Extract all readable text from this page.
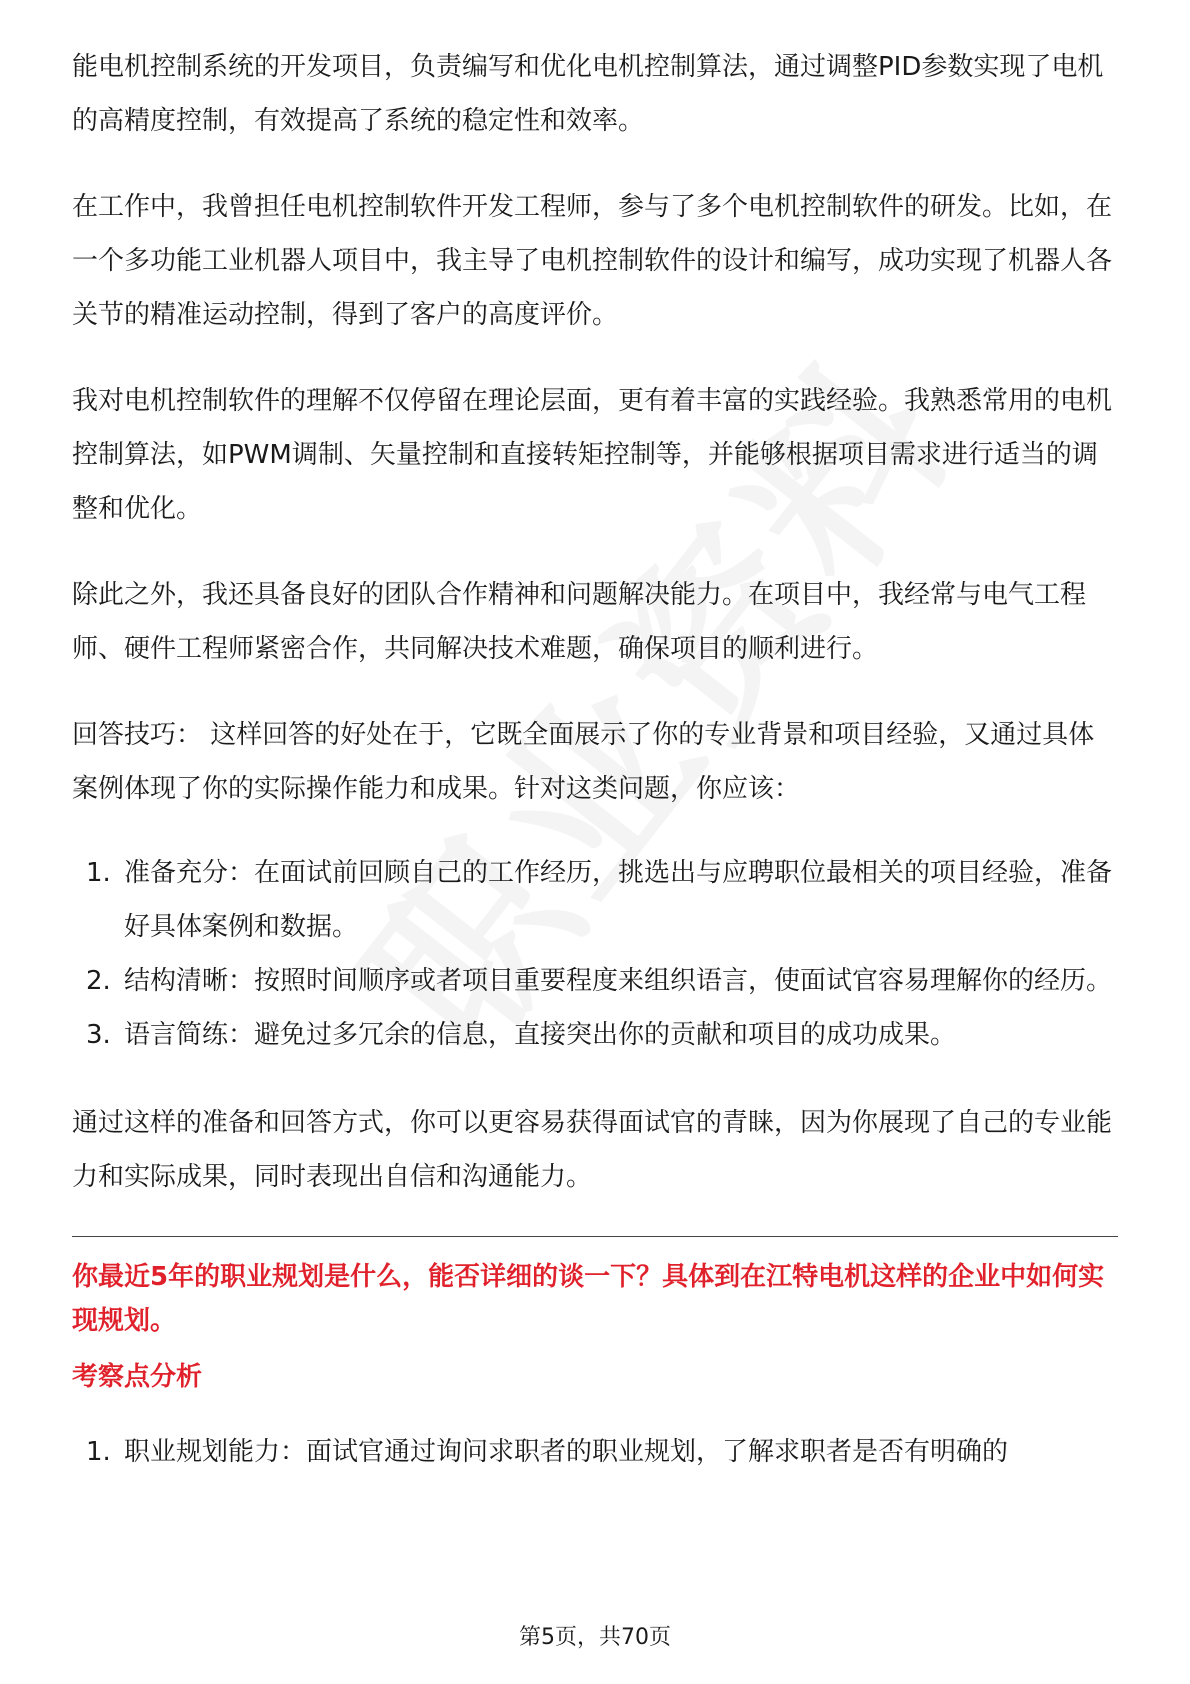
能电机控制系统的开发项目，负责编写和优化电机控制算法，通过调整PID参数实现了电机的高精度控制，有效提高了系统的稳定性和效率。

在工作中，我曾担任电机控制软件开发工程师，参与了多个电机控制软件的研发。比如，在一个多功能工业机器人项目中，我主导了电机控制软件的设计和编写，成功实现了机器人各关节的精准运动控制，得到了客户的高度评价。

我对电机控制软件的理解不仅停留在理论层面，更有着丰富的实践经验。我熟悉常用的电机控制算法，如PWM调制、矢量控制和直接转矩控制等，并能够根据项目需求进行适当的调整和优化。

除此之外，我还具备良好的团队合作精神和问题解决能力。在项目中，我经常与电气工程师、硬件工程师紧密合作，共同解决技术难题，确保项目的顺利进行。

回答技巧： 这样回答的好处在于，它既全面展示了你的专业背景和项目经验，又通过具体案例体现了你的实际操作能力和成果。针对这类问题，你应该：

1. 准备充分：在面试前回顾自己的工作经历，挑选出与应聘职位最相关的项目经验，准备好具体案例和数据。
2. 结构清晰：按照时间顺序或者项目重要程度来组织语言，使面试官容易理解你的经历。
3. 语言简练：避免过多冗余的信息，直接突出你的贡献和项目的成功成果。

通过这样的准备和回答方式，你可以更容易获得面试官的青睐，因为你展现了自己的专业能力和实际成果，同时表现出自信和沟通能力。

你最近5年的职业规划是什么，能否详细的谈一下？具体到在江特电机这样的企业中如何实现规划。

考察点分析

1. 职业规划能力：面试官通过询问求职者的职业规划，了解求职者是否有明确的
第5页，共70页
